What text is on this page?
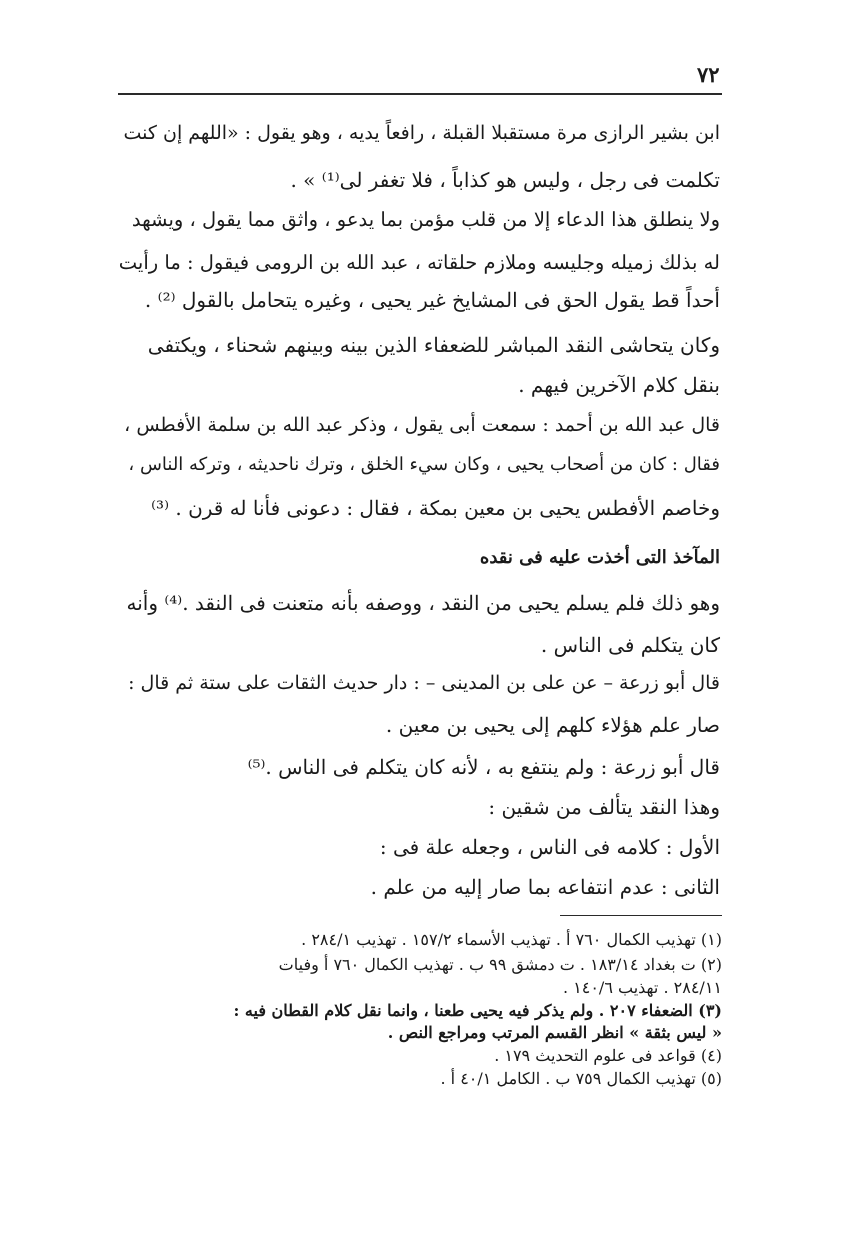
٧٢
ابن بشير الرازى مرة مستقبلا القبلة ، رافعاً يديه ، وهو يقول : «اللهم إن كنت
تكلمت فى رجل ، وليس هو كذاباً ، فلا تغفر لى⁽¹⁾ » .
ولا ينطلق هذا الدعاء إلا من قلب مؤمن بما يدعو ، واثق مما يقول ، ويشهد
له بذلك زميله وجليسه وملازم حلقاته ، عبد الله بن الرومى فيقول : ما رأيت
أحداً قط يقول الحق فى المشايخ غير يحيى ، وغيره يتحامل بالقول ⁽²⁾ .
وكان يتحاشى النقد المباشر للضعفاء الذين بينه وبينهم شحناء ، ويكتفى
بنقل كلام الآخرين فيهم .
قال عبد الله بن أحمد : سمعت أبى يقول ، وذكر عبد الله بن سلمة الأفطس ،
فقال : كان من أصحاب يحيى ، وكان سيء الخلق ، وترك ناحديثه ، وتركه الناس ،
وخاصم الأفطس يحيى بن معين بمكة ، فقال : دعونى فأنا له قرن . ⁽³⁾
المآخذ التى أخذت عليه فى نقده
وهو ذلك فلم يسلم يحيى من النقد ، ووصفه بأنه متعنت فى النقد .⁽⁴⁾ وأنه
كان يتكلم فى الناس .
قال أبو زرعة – عن على بن المدينى – : دار حديث الثقات على ستة ثم قال :
صار علم هؤلاء كلهم إلى يحيى بن معين .
قال أبو زرعة : ولم ينتفع به ، لأنه كان يتكلم فى الناس .⁽⁵⁾
وهذا النقد يتألف من شقين :
الأول : كلامه فى الناس ، وجعله علة فى :
الثانى : عدم انتفاعه بما صار إليه من علم .
(١) تهذيب الكمال ٧٦٠ أ . تهذيب الأسماء ١٥٧/٢ . تهذيب ٢٨٤/١ .
(٢) ت بغداد ١٨٣/١٤ . ت دمشق ٩٩ ب . تهذيب الكمال ٧٦٠ أ وفيات
٢٨٤/١١ . تهذيب ١٤٠/٦ .
(٣) الضعفاء ٢٠٧ . ولم يذكر فيه يحيى طعنا ، وانما نقل كلام القطان فيه :
« ليس بثقة » انظر القسم المرتب ومراجع النص .
(٤) قواعد فى علوم التحديث ١٧٩ .
(٥) تهذيب الكمال ٧٥٩ ب . الكامل ٤٠/١ أ .
